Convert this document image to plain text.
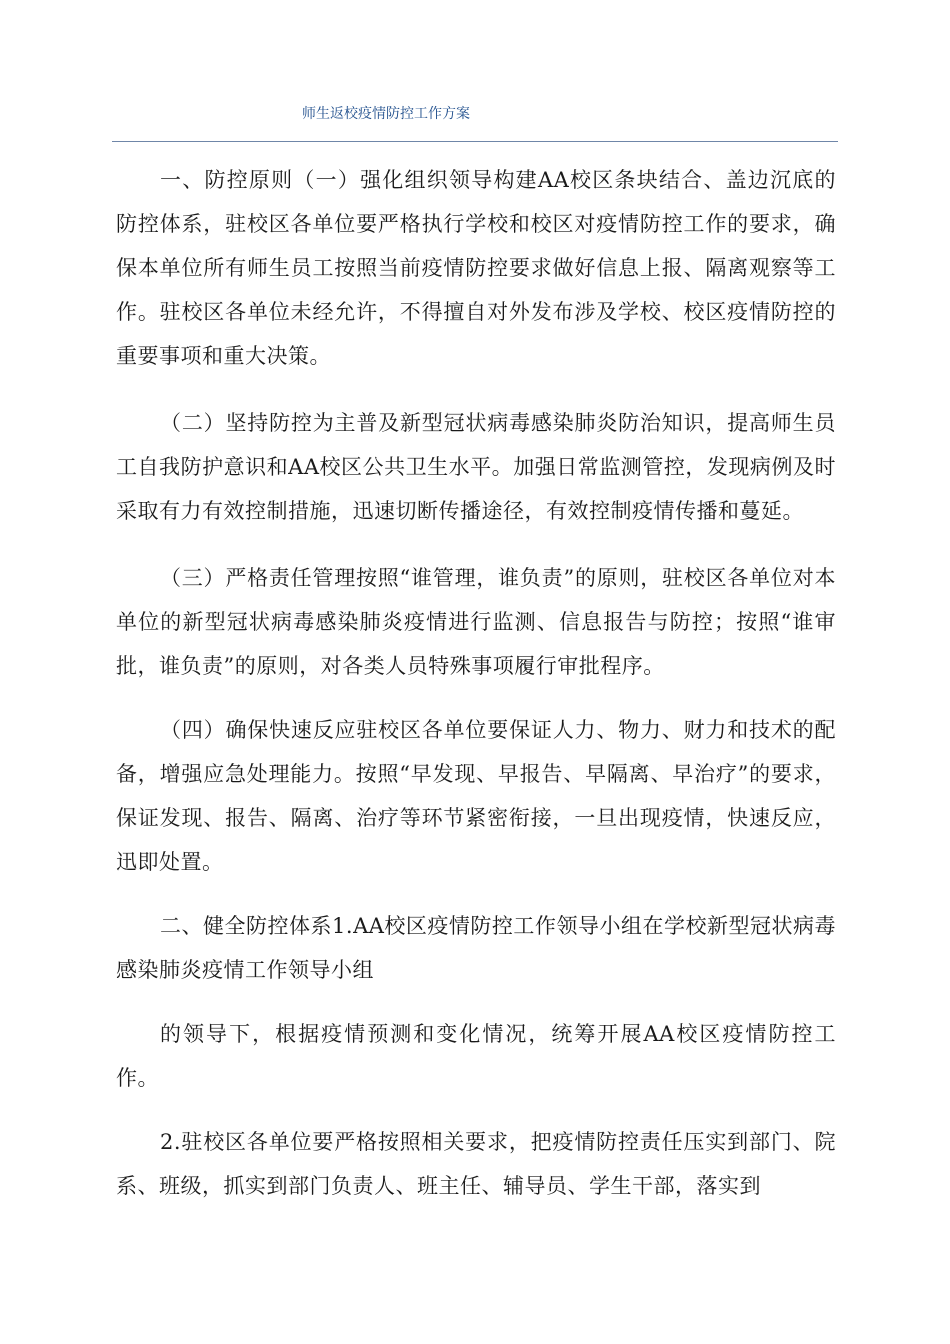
师生返校疫情防控工作方案

一、防控原则（一）强化组织领导构建AA校区条块结合、盖边沉底的防控体系，驻校区各单位要严格执行学校和校区对疫情防控工作的要求，确保本单位所有师生员工按照当前疫情防控要求做好信息上报、隔离观察等工作。驻校区各单位未经允许，不得擅自对外发布涉及学校、校区疫情防控的重要事项和重大决策。

（二）坚持防控为主普及新型冠状病毒感染肺炎防治知识，提高师生员工自我防护意识和AA校区公共卫生水平。加强日常监测管控，发现病例及时采取有力有效控制措施，迅速切断传播途径，有效控制疫情传播和蔓延。

（三）严格责任管理按照“谁管理，谁负责”的原则，驻校区各单位对本单位的新型冠状病毒感染肺炎疫情进行监测、信息报告与防控；按照“谁审批，谁负责”的原则，对各类人员特殊事项履行审批程序。

（四）确保快速反应驻校区各单位要保证人力、物力、财力和技术的配备，增强应急处理能力。按照“早发现、早报告、早隔离、早治疗”的要求，保证发现、报告、隔离、治疗等环节紧密衔接，一旦出现疫情，快速反应，迅即处置。

二、健全防控体系1.AA校区疫情防控工作领导小组在学校新型冠状病毒感染肺炎疫情工作领导小组

的领导下，根据疫情预测和变化情况，统筹开展AA校区疫情防控工作。

2.驻校区各单位要严格按照相关要求，把疫情防控责任压实到部门、院系、班级，抓实到部门负责人、班主任、辅导员、学生干部，落实到
